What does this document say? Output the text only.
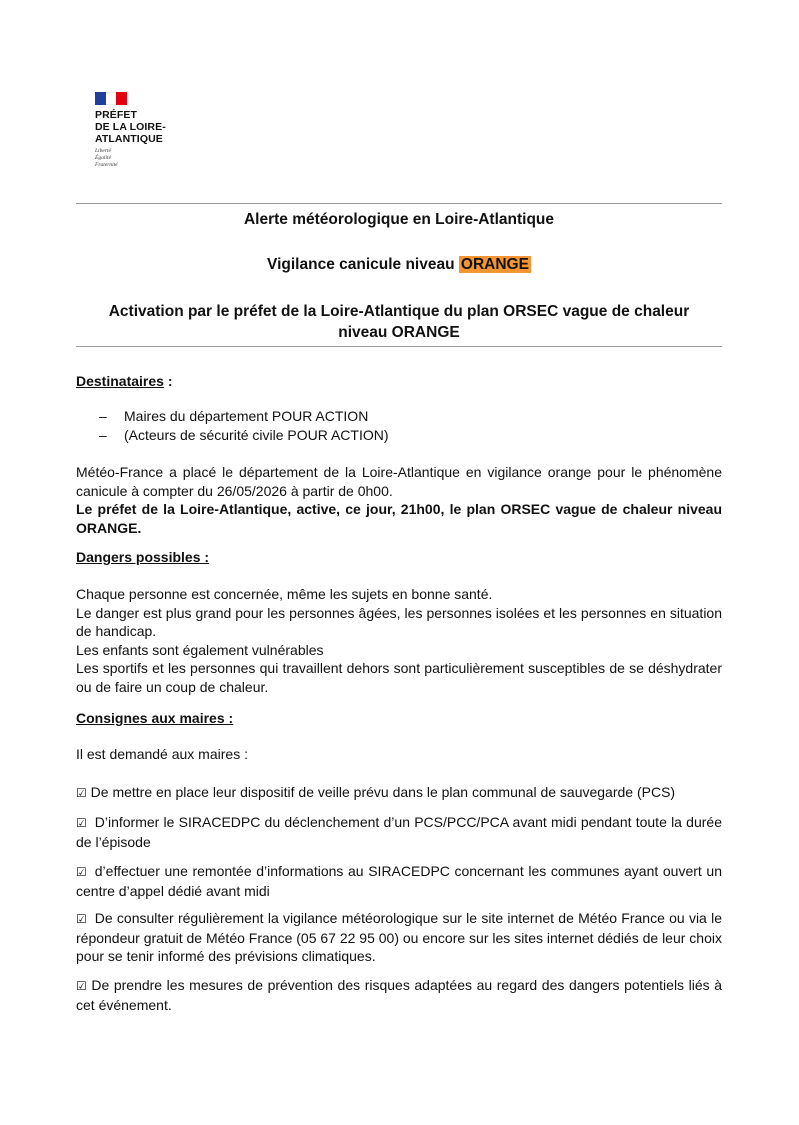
PRÉFET
DE LA LOIRE-
ATLANTIQUE
Liberté
Égalité
Fraternité
Alerte météorologique en Loire-Atlantique
Vigilance canicule niveau ORANGE
Activation par le préfet de la Loire-Atlantique du plan ORSEC vague de chaleur
niveau ORANGE
Destinataires :
– Maires du département POUR ACTION
– (Acteurs de sécurité civile POUR ACTION)
Météo-France a placé le département de la Loire-Atlantique en vigilance orange pour le phénomène canicule à compter du 26/05/2026 à partir de 0h00.
Le préfet de la Loire-Atlantique, active, ce jour, 21h00, le plan ORSEC vague de chaleur niveau ORANGE.
Dangers possibles :
Chaque personne est concernée, même les sujets en bonne santé.
Le danger est plus grand pour les personnes âgées, les personnes isolées et les personnes en situation de handicap.
Les enfants sont également vulnérables
Les sportifs et les personnes qui travaillent dehors sont particulièrement susceptibles de se déshydrater ou de faire un coup de chaleur.
Consignes aux maires :
Il est demandé aux maires :
☑ De mettre en place leur dispositif de veille prévu dans le plan communal de sauvegarde (PCS)
☑ D’informer le SIRACEDPC du déclenchement d’un PCS/PCC/PCA avant midi pendant toute la durée de l’épisode
☑ d’effectuer une remontée d’informations au SIRACEDPC concernant les communes ayant ouvert un centre d’appel dédié avant midi
☑ De consulter régulièrement la vigilance météorologique sur le site internet de Météo France ou via le répondeur gratuit de Météo France (05 67 22 95 00) ou encore sur les sites internet dédiés de leur choix pour se tenir informé des prévisions climatiques.
☑ De prendre les mesures de prévention des risques adaptées au regard des dangers potentiels liés à cet événement.
